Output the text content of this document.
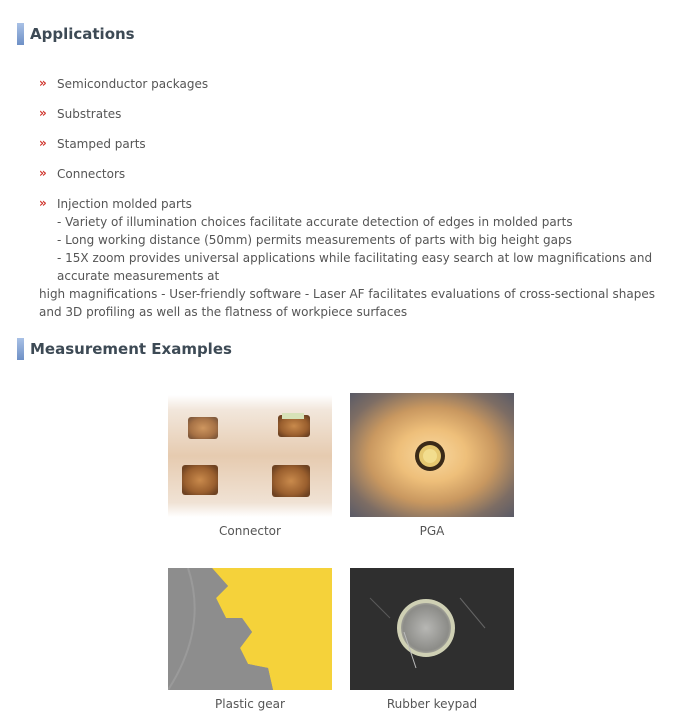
Applications
» Semiconductor packages
» Substrates
» Stamped parts
» Connectors
» Injection molded parts
- Variety of illumination choices facilitate accurate detection of edges in molded parts
- Long working distance (50mm) permits measurements of parts with big height gaps
- 15X zoom provides universal applications while facilitating easy search at low magnifications and accurate measurements at
high magnifications - User-friendly software - Laser AF facilitates evaluations of cross-sectional shapes and 3D profiling as well as the flatness of workpiece surfaces
Measurement Examples
Connector	PGA
Plastic gear	Rubber keypad
